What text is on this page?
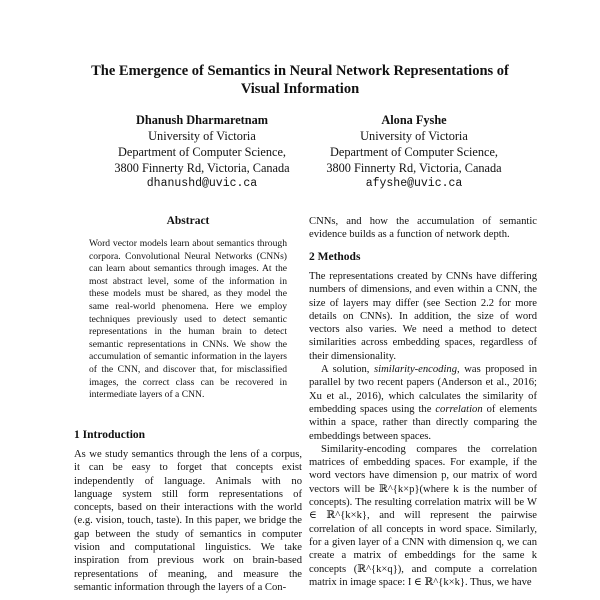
The Emergence of Semantics in Neural Network Representations of
Visual Information
Dhanush Dharmaretnam
University of Victoria
Department of Computer Science,
3800 Finnerty Rd, Victoria, Canada
dhanushd@uvic.ca
Alona Fyshe
University of Victoria
Department of Computer Science,
3800 Finnerty Rd, Victoria, Canada
afyshe@uvic.ca
Abstract
Word vector models learn about semantics through corpora. Convolutional Neural Networks (CNNs) can learn about semantics through images. At the most abstract level, some of the information in these models must be shared, as they model the same real-world phenomena. Here we employ techniques previously used to detect semantic representations in the human brain to detect semantic representations in CNNs. We show the accumulation of semantic information in the layers of the CNN, and discover that, for misclassified images, the correct class can be recovered in intermediate layers of a CNN.
1 Introduction

As we study semantics through the lens of a corpus, it can be easy to forget that concepts exist independently of language. Animals with no language system still form representations of concepts, based on their interactions with the world (e.g. vision, touch, taste). In this paper, we bridge the gap between the study of semantics in computer vision and computational linguistics. We take inspiration from previous work on brain-based representations of meaning, and measure the semantic information through the layers of a Con-

CNNs, and how the accumulation of semantic evidence builds as a function of network depth.

2 Methods

The representations created by CNNs have differing numbers of dimensions, and even within a CNN, the size of layers may differ (see Section 2.2 for more details on CNNs). In addition, the size of word vectors also varies. We need a method to detect similarities across embedding spaces, regardless of their dimensionality.

A solution, similarity-encoding, was proposed in parallel by two recent papers (Anderson et al., 2016; Xu et al., 2016), which calculates the similarity of embedding spaces using the correlation of elements within a space, rather than directly comparing the embeddings between spaces.

Similarity-encoding compares the correlation matrices of embedding spaces. For example, if the word vectors have dimension p, our matrix of word vectors will be ℝ^{k×p}(where k is the number of concepts). The resulting correlation matrix will be W ∈ ℝ^{k×k}, and will represent the pairwise correlation of all concepts in word space. Similarly, for a given layer of a CNN with dimension q, we can create a matrix of embeddings for the same k concepts (ℝ^{k×q}), and compute a correlation matrix in image space: I ∈ ℝ^{k×k}. Thus, we have
